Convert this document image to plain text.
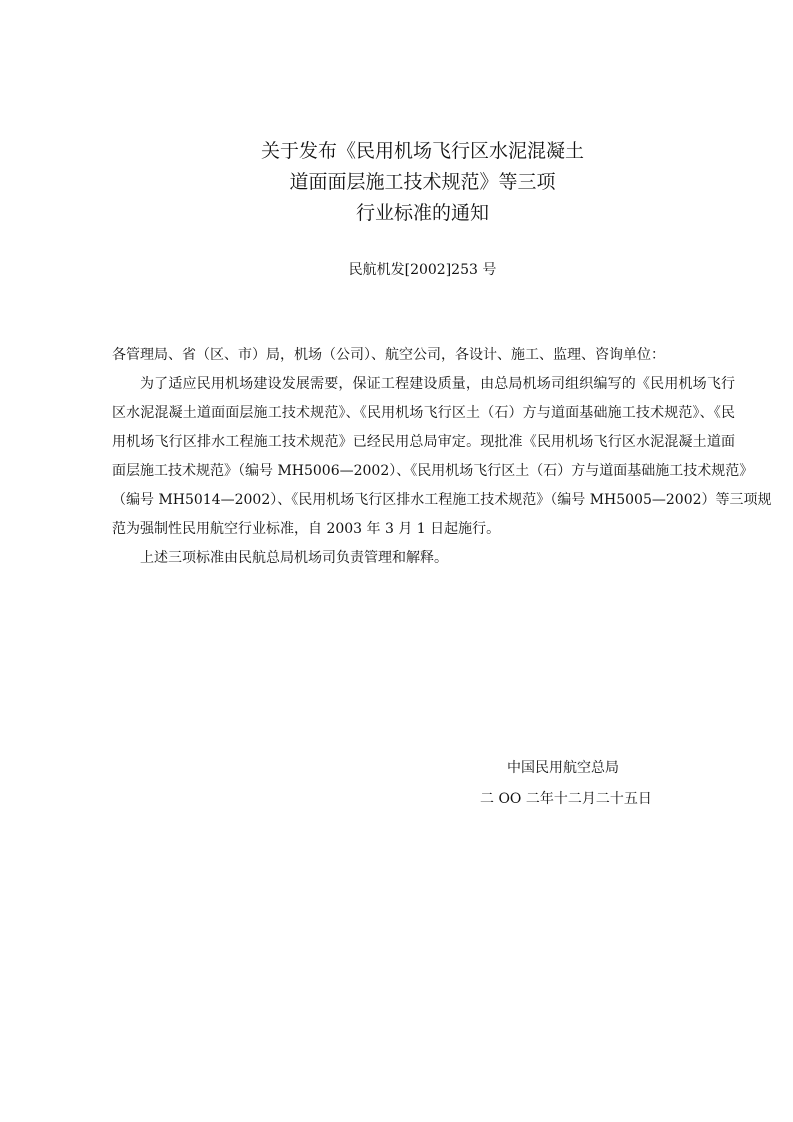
关于发布《民用机场飞行区水泥混凝土
道面面层施工技术规范》等三项
行业标准的通知
民航机发[2002]253 号
各管理局、省（区、市）局，机场（公司）、航空公司，各设计、施工、监理、咨询单位：
为了适应民用机场建设发展需要，保证工程建设质量，由总局机场司组织编写的《民用机场飞行
区水泥混凝土道面面层施工技术规范》、《民用机场飞行区土（石）方与道面基础施工技术规范》、《民
用机场飞行区排水工程施工技术规范》已经民用总局审定。现批准《民用机场飞行区水泥混凝土道面
面层施工技术规范》（编号 MH5006—2002）、《民用机场飞行区土（石）方与道面基础施工技术规范》
（编号 MH5014—2002）、《民用机场飞行区排水工程施工技术规范》（编号 MH5005—2002）等三项规
范为强制性民用航空行业标准，自 2003 年 3 月 1 日起施行。
上述三项标准由民航总局机场司负责管理和解释。
中国民用航空总局
二 OO 二年十二月二十五日
